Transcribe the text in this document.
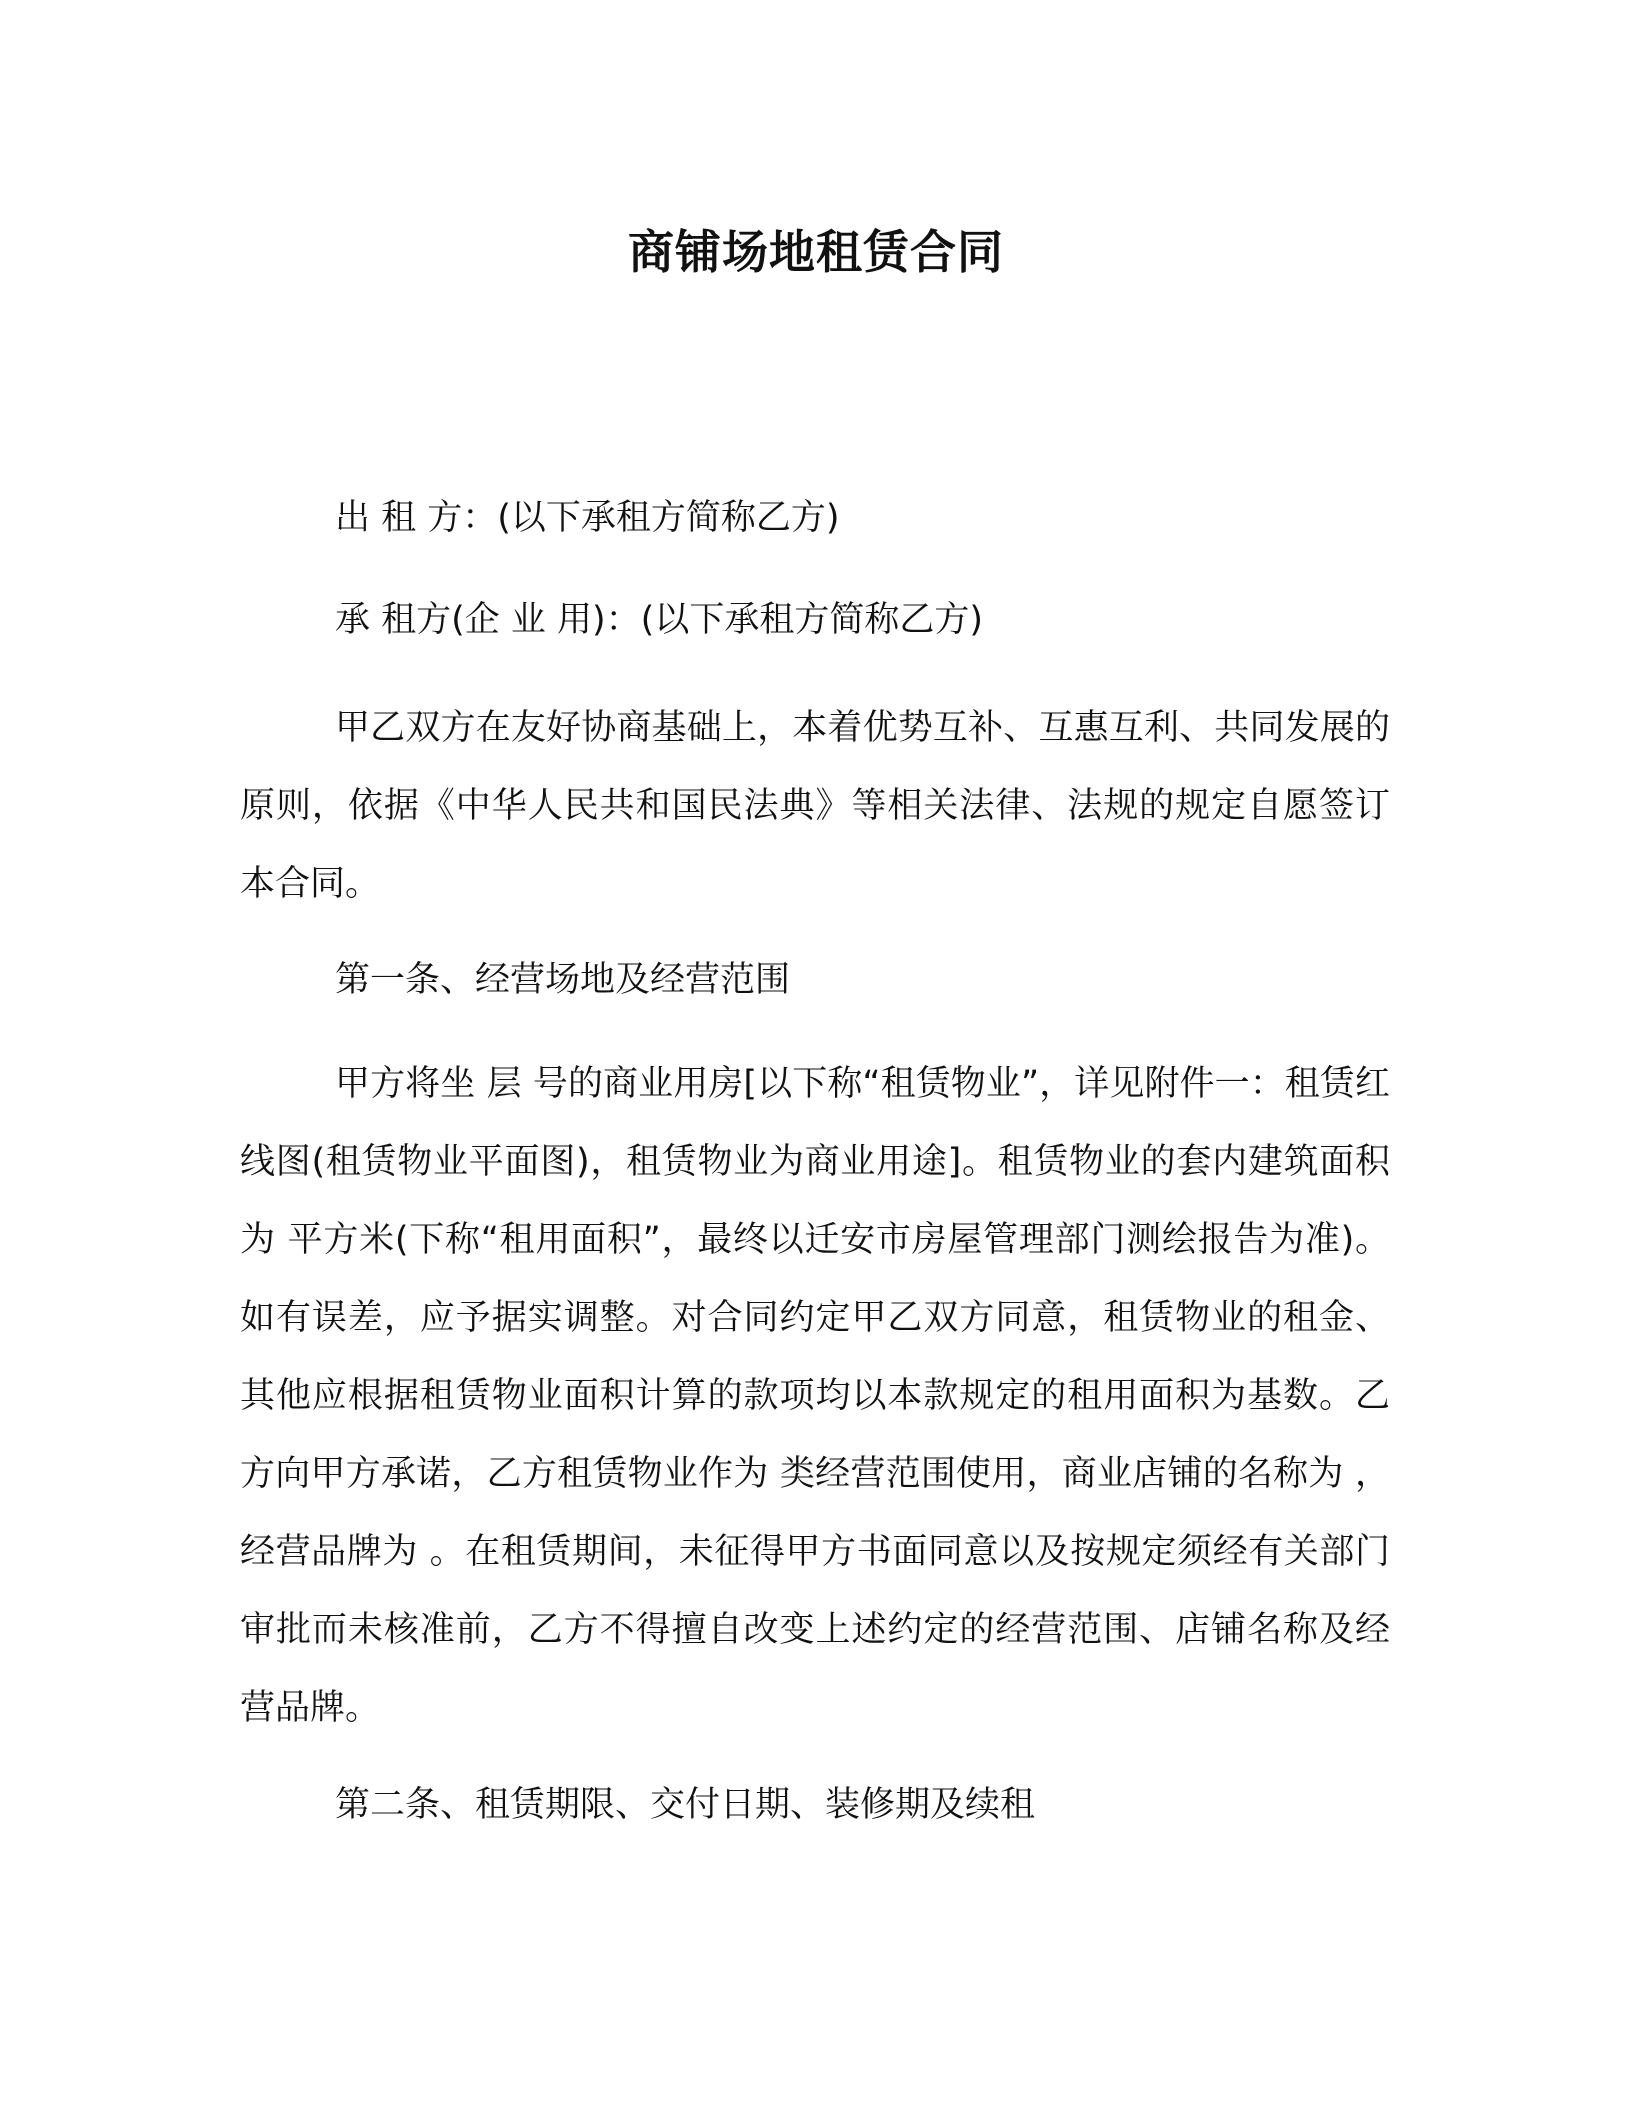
商铺场地租赁合同
出 租 方：(以下承租方简称乙方)
承 租方(企 业 用)：(以下承租方简称乙方)
甲乙双方在友好协商基础上，本着优势互补、互惠互利、共同发展的原则，依据《中华人民共和国民法典》等相关法律、法规的规定自愿签订本合同。
第一条、经营场地及经营范围
甲方将坐 层 号的商业用房[以下称“租赁物业”，详见附件一：租赁红线图(租赁物业平面图)，租赁物业为商业用途]。租赁物业的套内建筑面积为 平方米(下称“租用面积”，最终以迁安市房屋管理部门测绘报告为准)。如有误差，应予据实调整。对合同约定甲乙双方同意，租赁物业的租金、其他应根据租赁物业面积计算的款项均以本款规定的租用面积为基数。乙方向甲方承诺，乙方租赁物业作为 类经营范围使用，商业店铺的名称为 ，经营品牌为 。在租赁期间，未征得甲方书面同意以及按规定须经有关部门审批而未核准前，乙方不得擅自改变上述约定的经营范围、店铺名称及经营品牌。
第二条、租赁期限、交付日期、装修期及续租
